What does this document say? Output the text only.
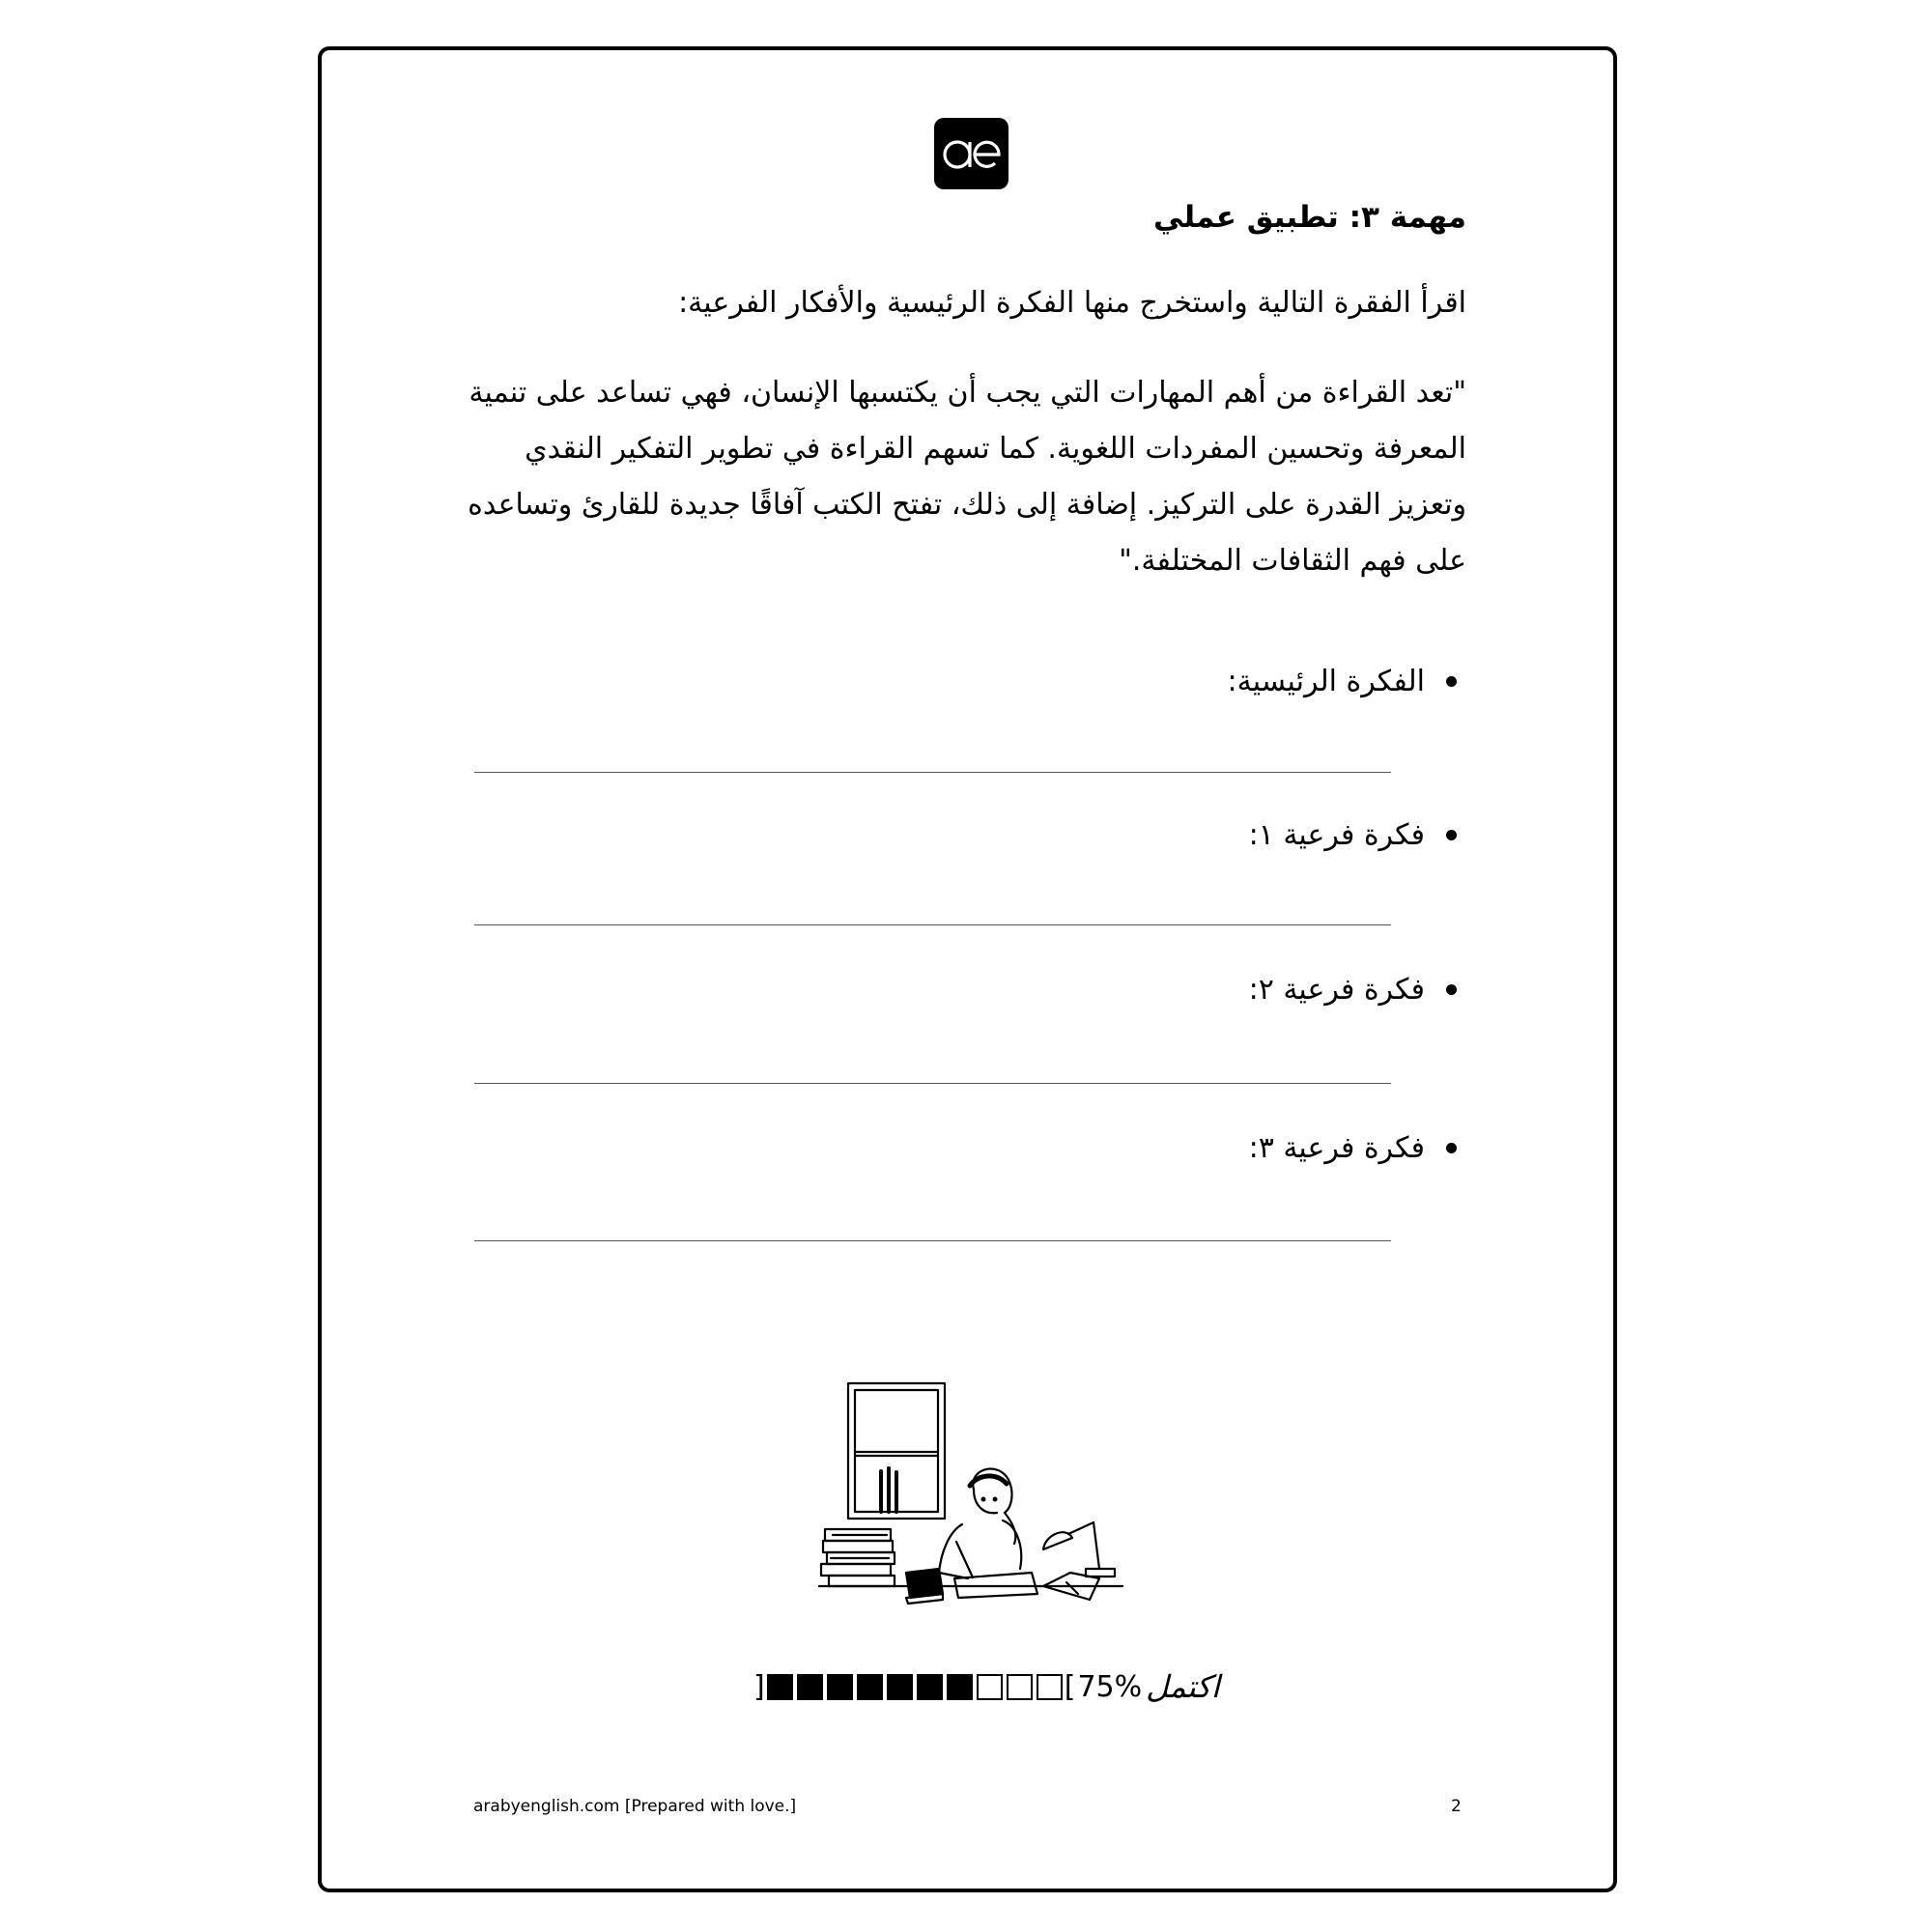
مهمة ٣: تطبيق عملي
اقرأ الفقرة التالية واستخرج منها الفكرة الرئيسية والأفكار الفرعية:
"تعد القراءة من أهم المهارات التي يجب أن يكتسبها الإنسان، فهي تساعد على تنمية
المعرفة وتحسين المفردات اللغوية. كما تسهم القراءة في تطوير التفكير النقدي
وتعزيز القدرة على التركيز. إضافة إلى ذلك، تفتح الكتب آفاقًا جديدة للقارئ وتساعده
على فهم الثقافات المختلفة."
الفكرة الرئيسية:
فكرة فرعية ١:
فكرة فرعية ٢:
فكرة فرعية ٣:
اكتمل
75%
[
]
arabyenglish.com [Prepared with love.]	2
